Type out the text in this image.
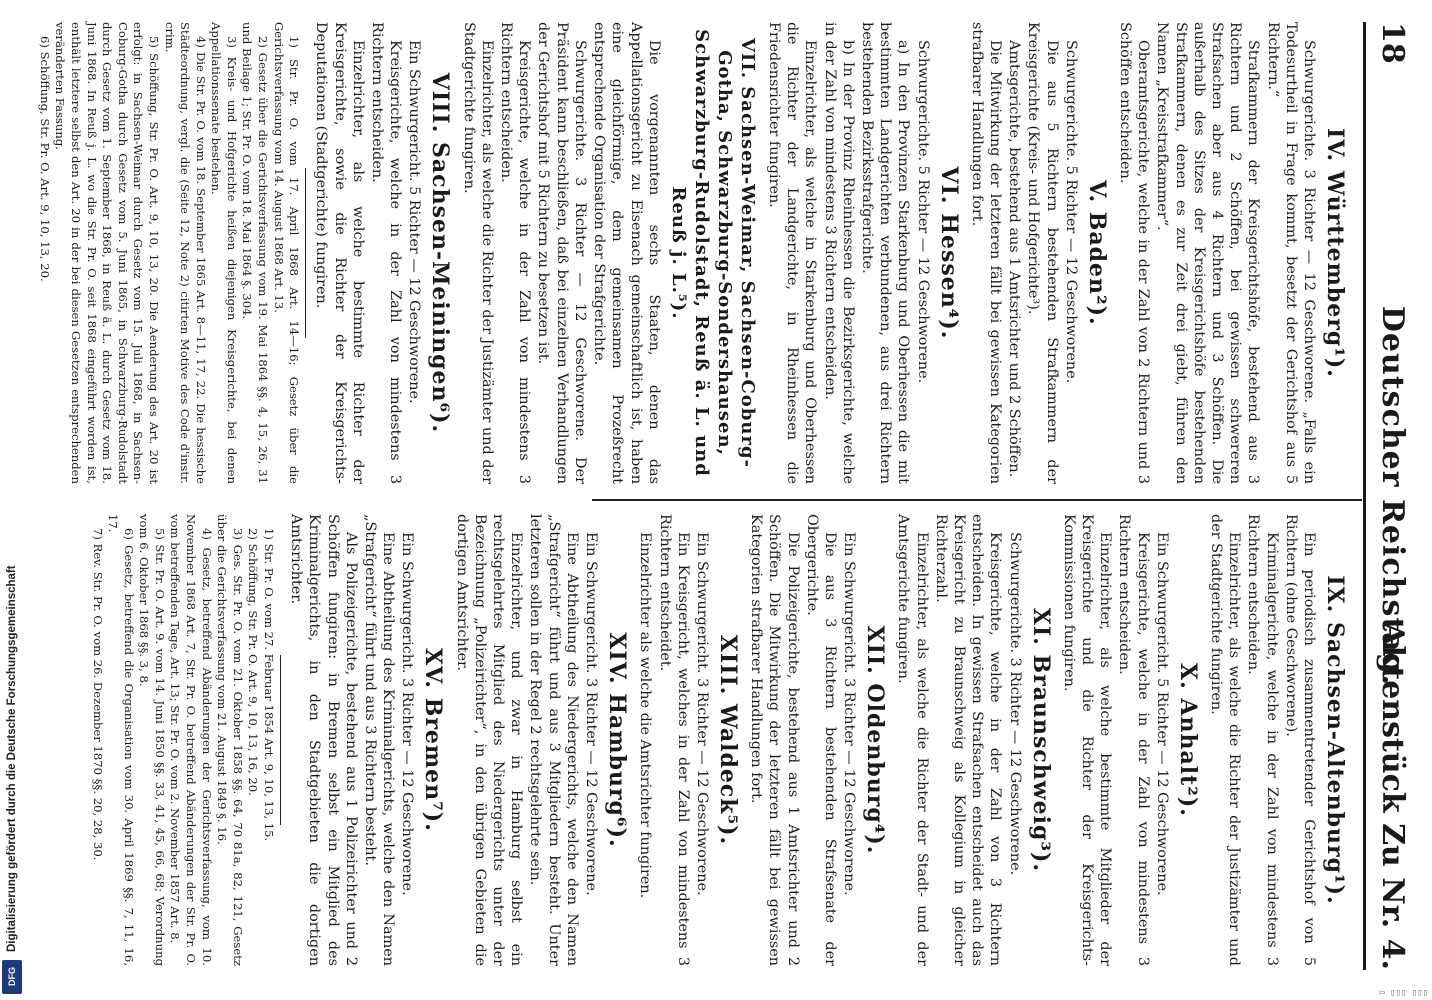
Digitalisierung gefördert durch die Deutsche Forschungsgemeinschaft
DFG
18
Deutscher Reichstag.
Aktenstück Zu Nr. 4.
IV. Württemberg¹).

Schwurgerichte. 3 Richter — 12 Geschworene. „Falls ein Todesurtheil in Frage kommt, besetzt der Gerichtshof aus 5 Richtern.“

Strafkammern der Kreisgerichtshöfe, bestehend aus 3 Richtern und 2 Schöffen, bei gewissen schwereren Strafsachen aber aus 4 Richtern und 3 Schöffen. Die außerhalb des Sitzes der Kreisgerichtshöfe bestehenden Strafkammern, denen es zur Zeit drei giebt, führen den Namen „Kreisstrafkammer“.

Oberamtsgerichte, welche in der Zahl von 2 Richtern und 3 Schöffen entscheiden.

V. Baden²).

Schwurgerichte. 5 Richter — 12 Geschworene.

Die aus 5 Richtern bestehenden Strafkammern der Kreisgerichte (Kreis- und Hofgerichte³).

Amtsgerichte, bestehend aus 1 Amtsrichter und 2 Schöffen.

Die Mitwirkung der letzteren fällt bei gewissen Kategorien strafbarer Handlungen fort.

VI. Hessen⁴).

Schwurgerichte. 5 Richter — 12 Geschworene.

a) In den Provinzen Starkenburg und Oberhessen die mit bestimmten Landgerichten verbundenen, aus drei Richtern bestehenden Bezirksstrafgerichte.

b) In der Provinz Rheinhessen die Bezirksgerichte, welche in der Zahl von mindestens 3 Richtern entscheiden.

Einzelrichter, als welche in Starkenburg und Oberhessen die Richter der Landgerichte, in Rheinhessen die Friedensrichter fungiren.

VII. Sachsen-Weimar, Sachsen-Coburg-Gotha, Schwarzburg-Sondershausen, Schwarzburg-Rudolstadt, Reuß ä. L. und Reuß j. L.⁵).

Die vorgenannten sechs Staaten, denen das Appellationsgericht zu Eisenach gemeinschaftlich ist, haben eine gleichförmige, dem gemeinsamen Prozeßrecht entsprechende Organisation der Strafgerichte.

Schwurgerichte. 3 Richter — 12 Geschworene. Der Präsident kann beschließen, daß bei einzelnen Verhandlungen der Gerichtshof mit 5 Richtern zu besetzen ist.

Kreisgerichte, welche in der Zahl von mindestens 3 Richtern entscheiden.

Einzelrichter, als welche die Richter der Justizämter und der Stadtgerichte fungiren.

VIII. Sachsen-Meiningen⁶).

Ein Schwurgericht. 5 Richter — 12 Geschworene.

Kreisgerichte, welche in der Zahl von mindestens 3 Richtern entscheiden.

Einzelrichter, als welche bestimmte Richter der Kreisgerichte, sowie die Richter der Kreisgerichts-Deputationen (Stadtgerichte) fungiren.

1) Str. Pr. O. vom 17. April 1868 Art. 14—16; Gesetz über die Gerichtsverfassung vom 14. August 1868 Art. 13.

2) Gesetz über die Gerichtsverfassung vom 19. Mai 1864 §§. 4, 15, 26, 31 und Beilage 1; Str. Pr. O. vom 18. Mai 1864 §. 304.

3) Kreis- und Hofgerichte heißen diejenigen Kreisgerichte, bei denen Appellationssenate bestehen.

4) Die Str. Pr. O. vom 18. September 1865 Art. 8—11, 17, 22. Die hessische Städteordnung, vergl. die (Seite 12, Note 2) citirten Motive des Code d'instr. crim.

5) Schöffung, Str. Pr. O. Art. 9, 10, 13, 20. Die Aenderung des Art. 20 ist erfolgt: in Sachsen-Weimar durch Gesetz vom 15. Juli 1868, in Sachsen-Coburg-Gotha durch Gesetz vom 5. Juni 1865, in Schwarzburg-Rudolstadt durch Gesetz vom 1. September 1868, in Reuß ä. L. durch Gesetz vom 18. Juni 1868. In Reuß j. L. wo die Str. Pr. O. seit 1868 eingeführt worden ist, enthält letztere selbst den Art. 20 in der bei diesen Gesetzen entsprechenden veränderten Fassung.

6) Schöffung, Str. Pr. O. Art. 9, 10, 13, 20.

IX. Sachsen-Altenburg¹).

Ein periodisch zusammentretender Gerichtshof von 5 Richtern (ohne Geschworene).

Kriminalgerichte, welche in der Zahl von mindestens 3 Richtern entscheiden.

Einzelrichter, als welche die Richter der Justizämter und der Stadtgerichte fungiren.

X. Anhalt²).

Ein Schwurgericht. 5 Richter — 12 Geschworene.

Kreisgerichte, welche in der Zahl von mindestens 3 Richtern entscheiden.

Einzelrichter, als welche bestimmte Mitglieder der Kreisgerichte und die Richter der Kreisgerichts-Kommissionen fungiren.

XI. Braunschweig³).

Schwurgerichte. 3 Richter — 12 Geschworene.

Kreisgerichte, welche in der Zahl von 3 Richtern entscheiden. In gewissen Strafsachen entscheidet auch das Kreisgericht zu Braunschweig als Kollegium in gleicher Richterzahl.

Einzelrichter, als welche die Richter der Stadt- und der Amtsgerichte fungiren.

XII. Oldenburg⁴).

Ein Schwurgericht. 3 Richter — 12 Geschworene.

Die aus 3 Richtern bestehenden Strafsenate der Obergerichte.

Die Polizeigerichte, bestehend aus 1 Amtsrichter und 2 Schöffen. Die Mitwirkung der letzteren fällt bei gewissen Kategorien strafbarer Handlungen fort.

XIII. Waldeck⁵).

Ein Schwurgericht. 3 Richter — 12 Geschworene.

Ein Kreisgericht, welches in der Zahl von mindestens 3 Richtern entscheidet.

Einzelrichter als welche die Amtsrichter fungiren.

XIV. Hamburg⁶).

Ein Schwurgericht. 3 Richter — 12 Geschworene.

Eine Abtheilung des Niedergerichts, welche den Namen „Strafgericht“ führt und aus 3 Mitgliedern besteht. Unter letzteren sollen in der Regel 2 rechtsgelehrte sein.

Einzelrichter, und zwar in Hamburg selbst ein rechtsgelehrtes Mitglied des Niedergerichts unter der Bezeichnung „Polizeirichter“, in den übrigen Gebieten die dortigen Amtsrichter.

XV. Bremen⁷).

Ein Schwurgericht. 3 Richter — 12 Geschworene.

Eine Abtheilung des Kriminalgerichts, welche den Namen „Strafgericht“ führt und aus 3 Richtern besteht.

Als Polizeigerichte, bestehend aus 1 Polizeirichter und 2 Schöffen fungiren: in Bremen selbst ein Mitglied des Kriminalgerichts, in den Stadtgebieten die dortigen Amtsrichter.

1) Str. Pr. O. vom 27. Februar 1854 Art. 9, 10, 13, 15.

2) Schöffung, Str. Pr. O. Art. 9, 10, 13, 16, 20.

3) Ges. Str. Pr. O. vom 21. Oktober 1858 §§. 64, 70 81a, 82, 121, Gesetz über die Gerichtsverfassung vom 21. August 1849 §. 16.

4) Gesetz, betreffend Abänderungen der Gerichtsverfassung, vom 10. November 1868 Art. 7, Str. Pr. O. betreffend Abänderungen der Str. Pr. O. vom betreffenden Tage, Art. 13; Str. Pr. O. vom 2. November 1857 Art. 8.

5) Str. Pr. O. Art. 9. vom 14. Juni 1850 §§. 33, 41, 45, 66, 68; Verordnung vom 6. Oktober 1868 §§. 3, 8.

6) Gesetz, betreffend die Organisation vom 30. April 1869 §§. 7, 11, 16, 17.

7) Rev. Str. Pr. O. vom 26. Dezember 1870 §§. 20, 28, 30.

▭ ▯▯▯ ▯▯▯
